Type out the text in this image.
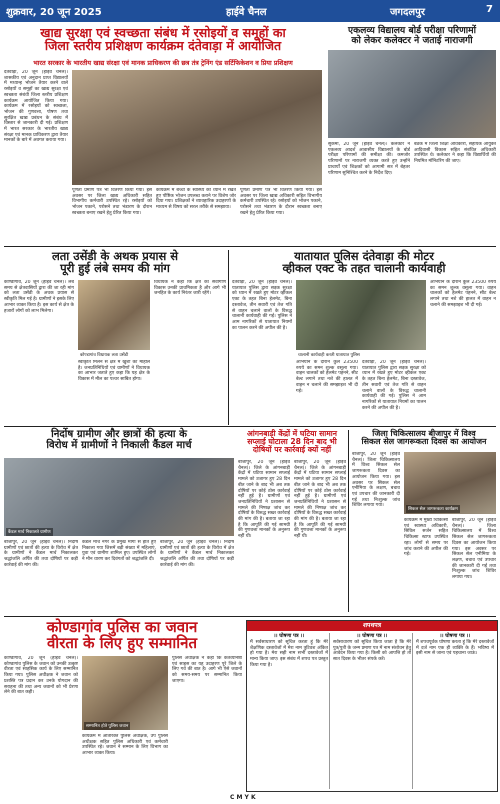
शुक्रवार, 20 जून 2025	हाईवे चैनल	जगदलपुर	7
खाद्य सुरक्षा एवं स्वच्छता संबंध में रसोइयों व समूहों का
जिला स्तरीय प्रशिक्षण कार्यक्रम दंतेवाड़ा में आयोजित
भारत सरकार के भारतीय खाद्य संरक्षा एवं मानक प्राधिकरण की छत्र तंत्र ट्रेनिंग एंड सर्टिफिकेशन व प्रिया प्रशिक्षण
दंतेवाड़ा, 20 जून (हाईवे चैनल)। शासकीय एवं अनुदान प्राप्त विद्यालयों में मध्यान्ह भोजन तैयार करने वाले रसोइयों व समूहों का खाद्य सुरक्षा एवं स्वच्छता संबंधी जिला स्तरीय प्रशिक्षण कार्यक्रम आयोजित किया गया। कार्यक्रम में रसोइयों को स्वच्छता, भोजन की गुणवत्ता, पोषण तथा सुरक्षित खाद्य प्रबंधन के संबंध में विस्तार से जानकारी दी गई। प्रशिक्षण में भारत सरकार के भारतीय खाद्य संरक्षा एवं मानक प्राधिकरण द्वारा तैयार मानकों के बारे में अवगत कराया गया।
पूर्णता प्रमाण पत्र भी वितरण किया गया। इस अवसर पर जिला खाद्य अधिकारी सहित विभागीय कर्मचारी उपस्थित रहे। रसोइयों को भोजन पकाने, परोसने तथा भंडारण के दौरान स्वच्छता बनाए रखने हेतु प्रेरित किया गया।
कार्यक्रम में बच्चों के स्वास्थ्य को ध्यान में रखते हुए पौष्टिक भोजन उपलब्ध कराने पर विशेष जोर दिया गया। प्रशिक्षकों ने व्यावहारिक उदाहरणों के माध्यम से विषय को सरल तरीके से समझाया।
पूर्णता प्रमाण पत्र भी वितरण किया गया। इस अवसर पर जिला खाद्य अधिकारी सहित विभागीय कर्मचारी उपस्थित रहे। रसोइयों को भोजन पकाने, परोसने तथा भंडारण के दौरान स्वच्छता बनाए रखने हेतु प्रेरित किया गया।
एकलव्य विद्यालय बोर्ड परीक्षा परिणामों
को लेकर कलेक्टर ने जताई नाराजगी
सुकमा, 20 जून (हाईवे चैनल)। कलेक्टर ने एकलव्य आदर्श आवासीय विद्यालयों के बोर्ड परीक्षा परिणामों की समीक्षा की। कमजोर परिणामों पर नाराजगी व्यक्त करते हुए उन्होंने प्राचार्यों एवं शिक्षकों को आगामी सत्र में बेहतर परिणाम सुनिश्चित करने के निर्देश दिए।
बैठक में जिला शिक्षा अधिकारी, सहायक आयुक्त आदिवासी विकास सहित संबंधित अधिकारी उपस्थित थे। कलेक्टर ने कहा कि विद्यार्थियों की नियमित मॉनिटरिंग की जाए।
लता उसेंडी के अथक प्रयास से
पूरी हुई लंबे समय की मांग
कोण्डागांव, 20 जून (हाईवे चैनल)। लंबे समय से क्षेत्रवासियों द्वारा की जा रही मांग को लता उसेंडी के अथक प्रयास से स्वीकृति मिल गई है। ग्रामीणों ने इसके लिए आभार व्यक्त किया है। इस कार्य से क्षेत्र के हजारों लोगों को लाभ मिलेगा।
कोण्डागांव विधायक लता उसेंडी
स्वीकृति मिलने से क्षेत्र में खुशी का माहौल है। जनप्रतिनिधियों एवं ग्रामीणों ने विधायक का आभार जताते हुए कहा कि यह क्षेत्र के विकास में मील का पत्थर साबित होगा।
विधायक ने कहा कि क्षेत्र का सर्वांगीण विकास उनकी प्राथमिकता है और आगे भी जनहित के कार्य निरंतर जारी रहेंगे।
यातायात पुलिस दंतेवाड़ा की मोटर
व्हीकल एक्ट के तहत चालानी कार्यवाही
दंतेवाड़ा, 20 जून (हाईवे चैनल)। यातायात पुलिस द्वारा सड़क सुरक्षा को ध्यान में रखते हुए मोटर व्हीकल एक्ट के तहत बिना हेलमेट, बिना दस्तावेज, तीन सवारी एवं तेज गति से वाहन चलाने वालों के विरुद्ध चालानी कार्यवाही की गई। पुलिस ने आम नागरिकों से यातायात नियमों का पालन करने की अपील की है।
चालानी कार्यवाही करती यातायात पुलिस
अभियान के दौरान कुल 23500 रुपये का समन शुल्क वसूला गया। वाहन चालकों को हेलमेट पहनने, सीट बेल्ट लगाने तथा नशे की हालत में वाहन न चलाने की समझाइश भी दी गई।
दंतेवाड़ा, 20 जून (हाईवे चैनल)। यातायात पुलिस द्वारा सड़क सुरक्षा को ध्यान में रखते हुए मोटर व्हीकल एक्ट के तहत बिना हेलमेट, बिना दस्तावेज, तीन सवारी एवं तेज गति से वाहन चलाने वालों के विरुद्ध चालानी कार्यवाही की गई। पुलिस ने आम नागरिकों से यातायात नियमों का पालन करने की अपील की है।
अभियान के दौरान कुल 23500 रुपये का समन शुल्क वसूला गया। वाहन चालकों को हेलमेट पहनने, सीट बेल्ट लगाने तथा नशे की हालत में वाहन न चलाने की समझाइश भी दी गई।
निर्दोष ग्रामीण और छात्रों की हत्या के
विरोध में ग्रामीणों ने निकाली कैंडल मार्च
कैंडल मार्च निकालते ग्रामीण
बीजापुर, 20 जून (हाईवे चैनल)। निर्दोष ग्रामीणों एवं छात्रों की हत्या के विरोध में क्षेत्र के ग्रामीणों ने कैंडल मार्च निकालकर श्रद्धांजलि अर्पित की तथा दोषियों पर कड़ी कार्रवाई की मांग की।
कैंडल मार्च नगर के प्रमुख मार्गों से होते हुए निकाला गया जिसमें बड़ी संख्या में महिलाएं, युवा एवं ग्रामीण शामिल हुए। उपस्थित लोगों ने मौन धारण कर दिवंगतों को श्रद्धांजलि दी।
बीजापुर, 20 जून (हाईवे चैनल)। निर्दोष ग्रामीणों एवं छात्रों की हत्या के विरोध में क्षेत्र के ग्रामीणों ने कैंडल मार्च निकालकर श्रद्धांजलि अर्पित की तथा दोषियों पर कड़ी कार्रवाई की मांग की।
आंगनबाड़ी केंद्रों में घटिया सामान
सप्लाई घोटाला 28 दिन बाद भी
दोषियों पर कार्रवाई क्यों नहीं
बीजापुर, 20 जून (हाईवे चैनल)। जिले के आंगनबाड़ी केंद्रों में घटिया सामान सप्लाई मामले को उजागर हुए 28 दिन बीत जाने के बाद भी अब तक दोषियों पर कोई ठोस कार्रवाई नहीं हुई है। ग्रामीणों एवं जनप्रतिनिधियों ने प्रशासन से मामले की निष्पक्ष जांच कर दोषियों के विरुद्ध सख्त कार्रवाई की मांग की है। बताया जा रहा है कि आपूर्ति की गई सामग्री की गुणवत्ता मानकों के अनुरूप नहीं थी।
बीजापुर, 20 जून (हाईवे चैनल)। जिले के आंगनबाड़ी केंद्रों में घटिया सामान सप्लाई मामले को उजागर हुए 28 दिन बीत जाने के बाद भी अब तक दोषियों पर कोई ठोस कार्रवाई नहीं हुई है। ग्रामीणों एवं जनप्रतिनिधियों ने प्रशासन से मामले की निष्पक्ष जांच कर दोषियों के विरुद्ध सख्त कार्रवाई की मांग की है। बताया जा रहा है कि आपूर्ति की गई सामग्री की गुणवत्ता मानकों के अनुरूप नहीं थी।
जिला चिकित्सालय बीजापुर में विश्व
सिकल सेल जागरूकता दिवस का आयोजन
बीजापुर, 20 जून (हाईवे चैनल)। जिला चिकित्सालय में विश्व सिकल सेल जागरूकता दिवस का आयोजन किया गया। इस अवसर पर सिकल सेल एनीमिया के लक्षण, बचाव एवं उपचार की जानकारी दी गई तथा निःशुल्क जांच शिविर लगाया गया।
सिकल सेल जागरूकता कार्यक्रम
कार्यक्रम में मुख्य चिकित्सा एवं स्वास्थ्य अधिकारी, सिविल सर्जन सहित चिकित्सा स्टाफ उपस्थित रहा। लोगों से समय पर जांच कराने की अपील की गई।
बीजापुर, 20 जून (हाईवे चैनल)। जिला चिकित्सालय में विश्व सिकल सेल जागरूकता दिवस का आयोजन किया गया। इस अवसर पर सिकल सेल एनीमिया के लक्षण, बचाव एवं उपचार की जानकारी दी गई तथा निःशुल्क जांच शिविर लगाया गया।
कोण्डागांव पुलिस का जवान
वीरता के लिए हुए सम्मानित
कोण्डागांव, 20 जून (हाईवे चैनल)। कोण्डागांव पुलिस के जवान को उनकी उत्कृष्ट वीरता एवं साहसिक कार्य के लिए सम्मानित किया गया। पुलिस अधीक्षक ने जवान को प्रशस्ति पत्र प्रदान कर उनके योगदान की सराहना की तथा अन्य जवानों को भी प्रेरणा लेने की बात कही।
सम्मानित होते पुलिस जवान
कार्यक्रम में अतिरिक्त पुलिस अधीक्षक, उप पुलिस अधीक्षक सहित पुलिस अधिकारी एवं कर्मचारी उपस्थित रहे। जवान ने सम्मान के लिए विभाग का आभार व्यक्त किया।
पुलिस अधीक्षक ने कहा कि कर्तव्यनिष्ठा एवं साहस का यह उदाहरण पूरे जिले के लिए गर्व की बात है। आगे भी ऐसे जवानों को समय-समय पर सम्मानित किया जाएगा।
शपथपत्र
।। घोषणा पत्र ।।
मैं सर्वसाधारण को सूचित करता हूं कि मेरे शैक्षणिक दस्तावेजों में मेरा नाम त्रुटिवश अंकित हो गया है। मेरा सही नाम सभी दस्तावेजों में मान्य किया जाए। इस संबंध में शपथ पत्र प्रस्तुत किया गया है।
।। घोषणा पत्र ।।
सर्वसाधारण को सूचित किया जाता है कि मेरे पुत्र/पुत्री के जन्म प्रमाण पत्र में नाम संशोधन हेतु आवेदन किया गया है। किसी को आपत्ति हो तो सात दिवस के भीतर संपर्क करें।
।। घोषणा पत्र ।।
मैं शपथपूर्वक घोषणा करता हूं कि मेरे दस्तावेजों में दर्ज नाम एक ही व्यक्ति के हैं। भविष्य में इसी नाम से जाना एवं पहचाना जाऊं।
C M Y K
